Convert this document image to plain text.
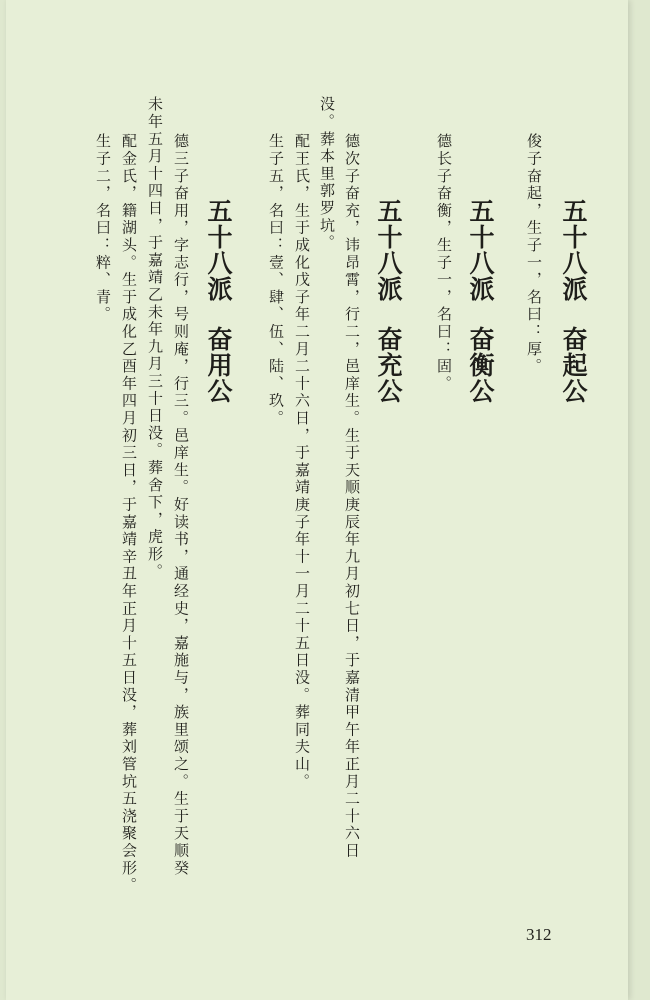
五十八派奋起公
俊子奋起，生子一，名曰：厚。
五十八派奋衡公
德长子奋衡，生子一，名曰：固。
五十八派奋充公
德次子奋充，讳昂霄，行二，邑庠生。生于天顺庚辰年九月初七日，于嘉清甲午年正月二十六日
没。葬本里郭罗坑。
配王氏，生于成化戊子年二月二十六日，于嘉靖庚子年十一月二十五日没。葬同夫山。
生子五，名曰：壹、肆、伍、陆、玖。
五十八派奋用公
德三子奋用，字志行，号则庵，行三。邑庠生。好读书，通经史，嘉施与，族里颂之。生于天顺癸
未年五月十四日，于嘉靖乙未年九月三十日没。葬舍下，虎形。
配金氏，籍湖头。生于成化乙酉年四月初三日，于嘉靖辛丑年正月十五日没，葬刘管坑五浇聚会形。
生子二，名曰：粹、青。
312
